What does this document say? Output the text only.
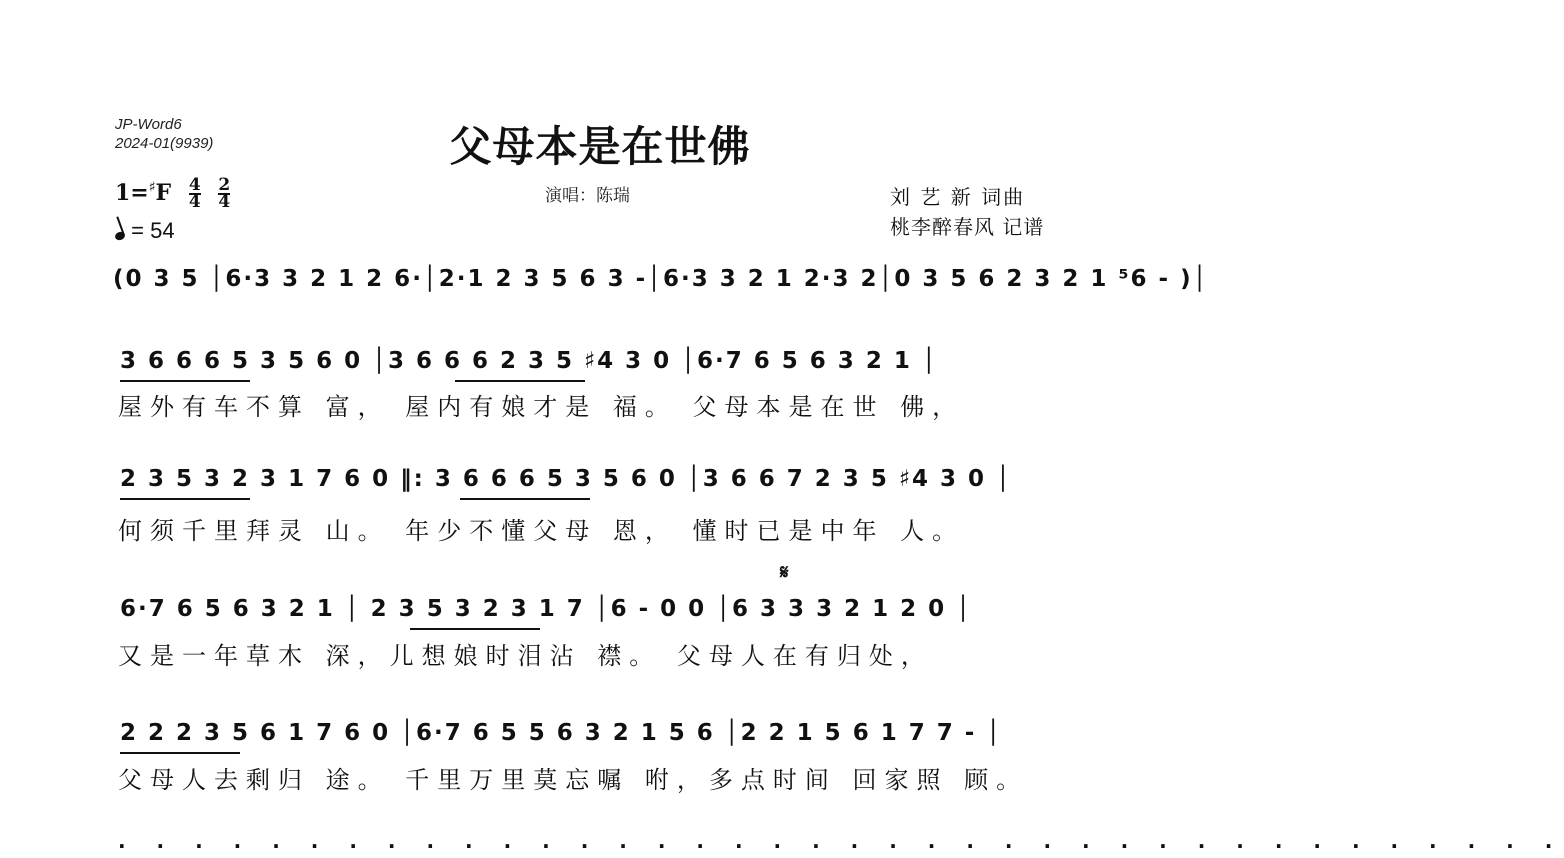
JP-Word6
2024-01(9939)	父母本是在世佛
演唱：陈瑞	刘 艺 新 词曲
桃李醉春风 记谱
$1=^♯F \frac{4}{4}$
$\frac{2}{4}$
= 54
(0 3 5 │6·3 3 2 1 2 6·│2·1 2 3 5 6 3 -│6·3 3 2 1 2·3 2│0 3 5 6 2 3 2 1 ⁵6 - )│
3 6 6 6 5 3 5 6 0 │3 6 6 6 2 3 5 ♯4 3 0 │6·7 6 5 6 3 2 1 │
屋外有车不算 富， 屋内有娘才是 福。 父母本是在世 佛，
2 3 5 3 2 3 1 7 6 0 ‖: 3 6 6 6 5 3 5 6 0 │3 6 6 7 2 3 5 ♯4 3 0 │
何须千里拜灵 山。 年少不懂父母 恩， 懂时已是中年 人。
𝄋
6·7 6 5 6 3 2 1 │ 2 3 5 3 2 3 1 7 │6 - 0 0 │6 3 3 3 2 1 2 0 │
又是一年草木 深，儿想娘时泪沾 襟。 父母人在有归处，
2 2 2 3 5 6 1 7 6 0 │6·7 6 5 5 6 3 2 1 5 6 │2 2 1 5 6 1 7 7 - │
父母人去剩归 途。 千里万里莫忘嘱 咐，多点时间 回家照 顾。
· · · · · · · · · · · · · · · · · · · · · · · · · · · · · · · · · · · · · ·
